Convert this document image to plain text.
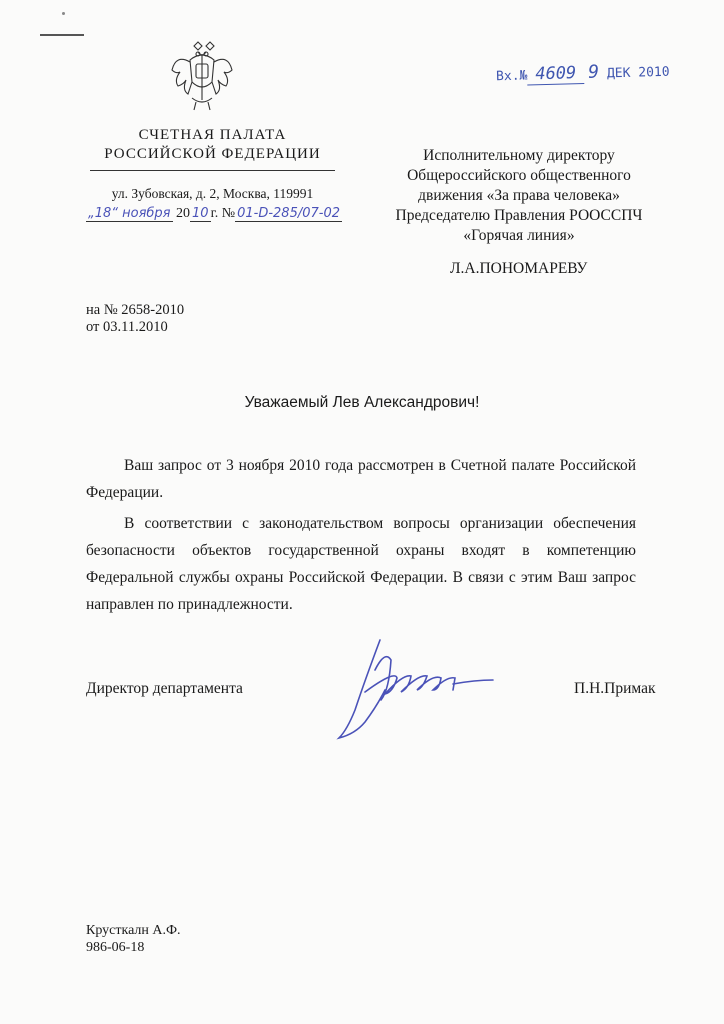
СЧЕТНАЯ ПАЛАТА
РОССИЙСКОЙ ФЕДЕРАЦИИ
ул. Зубовская, д. 2, Москва, 119991
„18“ ноября 20 10 г. № 01-D-285/07-02
на № 2658-2010
от 03.11.2010
Вх.№ 4609 9 ДЕК 2010
Исполнительному директору
Общероссийского общественного
движения «За права человека»
Председателю Правления РООССПЧ
«Горячая линия»
Л.А.ПОНОМАРЕВУ
Уважаемый Лев Александрович!

Ваш запрос от 3 ноября 2010 года рассмотрен в Счетной палате Российской Федерации.

В соответствии с законодательством вопросы организации обеспечения безопасности объектов государственной охраны входят в компетенцию Федеральной службы охраны Российской Федерации. В связи с этим Ваш запрос направлен по принадлежности.

Директор департамента	П.Н.Примак
Крусткалн А.Ф.
986-06-18
